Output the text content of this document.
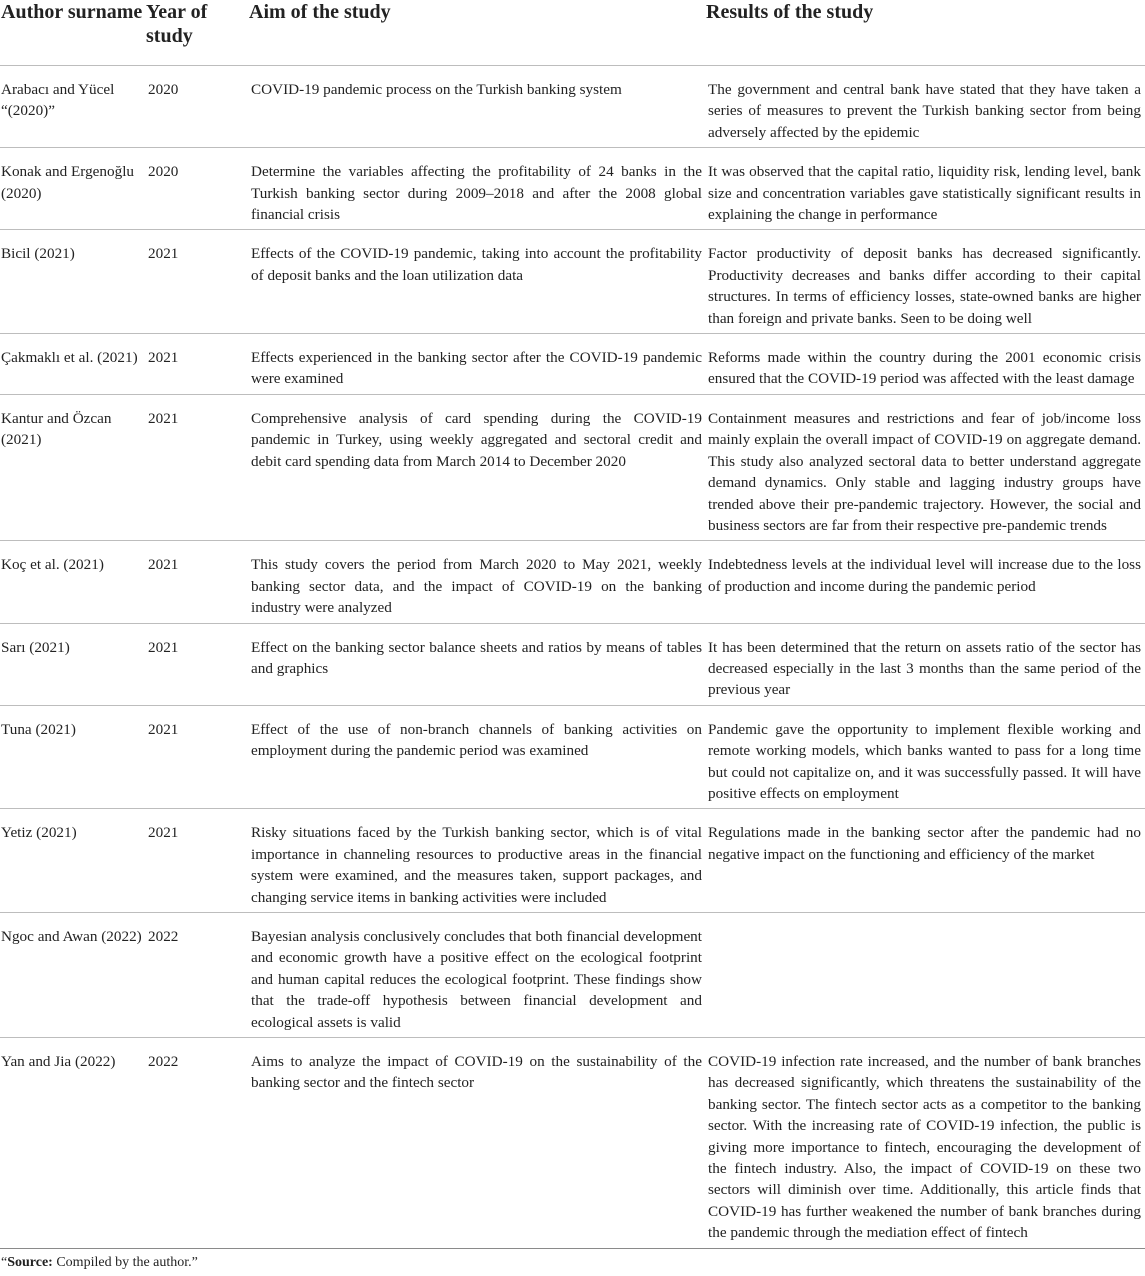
Author surname	Year of study	Aim of the study	Results of the study
Arabacı and Yücel “(2020)”	2020	COVID-19 pandemic process on the Turkish banking system	The government and central bank have stated that they have taken a series of measures to prevent the Turkish banking sector from being adversely affected by the epidemic
Konak and Ergenoğlu (2020)	2020	Determine the variables affecting the profitability of 24 banks in the Turkish banking sector during 2009–2018 and after the 2008 global financial crisis	It was observed that the capital ratio, liquidity risk, lending level, bank size and concentration variables gave statistically significant results in explaining the change in performance
Bicil (2021)	2021	Effects of the COVID-19 pandemic, taking into account the profitability of deposit banks and the loan utilization data	Factor productivity of deposit banks has decreased significantly. Productivity decreases and banks differ according to their capital structures. In terms of efficiency losses, state-owned banks are higher than foreign and private banks. Seen to be doing well
Çakmaklı et al. (2021)	2021	Effects experienced in the banking sector after the COVID-19 pandemic were examined	Reforms made within the country during the 2001 economic crisis ensured that the COVID-19 period was affected with the least damage
Kantur and Özcan (2021)	2021	Comprehensive analysis of card spending during the COVID-19 pandemic in Turkey, using weekly aggregated and sectoral credit and debit card spending data from March 2014 to December 2020	Containment measures and restrictions and fear of job/income loss mainly explain the overall impact of COVID-19 on aggregate demand. This study also analyzed sectoral data to better understand aggregate demand dynamics. Only stable and lagging industry groups have trended above their pre-pandemic trajectory. However, the social and business sectors are far from their respective pre-pandemic trends
Koç et al. (2021)	2021	This study covers the period from March 2020 to May 2021, weekly banking sector data, and the impact of COVID-19 on the banking industry were analyzed	Indebtedness levels at the individual level will increase due to the loss of production and income during the pandemic period
Sarı (2021)	2021	Effect on the banking sector balance sheets and ratios by means of tables and graphics	It has been determined that the return on assets ratio of the sector has decreased especially in the last 3 months than the same period of the previous year
Tuna (2021)	2021	Effect of the use of non-branch channels of banking activities on employment during the pandemic period was examined	Pandemic gave the opportunity to implement flexible working and remote working models, which banks wanted to pass for a long time but could not capitalize on, and it was successfully passed. It will have positive effects on employment
Yetiz (2021)	2021	Risky situations faced by the Turkish banking sector, which is of vital importance in channeling resources to productive areas in the financial system were examined, and the measures taken, support packages, and changing service items in banking activities were included	Regulations made in the banking sector after the pandemic had no negative impact on the functioning and efficiency of the market
Ngoc and Awan (2022)	2022	Bayesian analysis conclusively concludes that both financial development and economic growth have a positive effect on the ecological footprint and human capital reduces the ecological footprint. These findings show that the trade-off hypothesis between financial development and ecological assets is valid	
Yan and Jia (2022)	2022	Aims to analyze the impact of COVID-19 on the sustainability of the banking sector and the fintech sector	COVID-19 infection rate increased, and the number of bank branches has decreased significantly, which threatens the sustainability of the banking sector. The fintech sector acts as a competitor to the banking sector. With the increasing rate of COVID-19 infection, the public is giving more importance to fintech, encouraging the development of the fintech industry. Also, the impact of COVID-19 on these two sectors will diminish over time. Additionally, this article finds that COVID-19 has further weakened the number of bank branches during the pandemic through the mediation effect of fintech
“Source: Compiled by the author.”
